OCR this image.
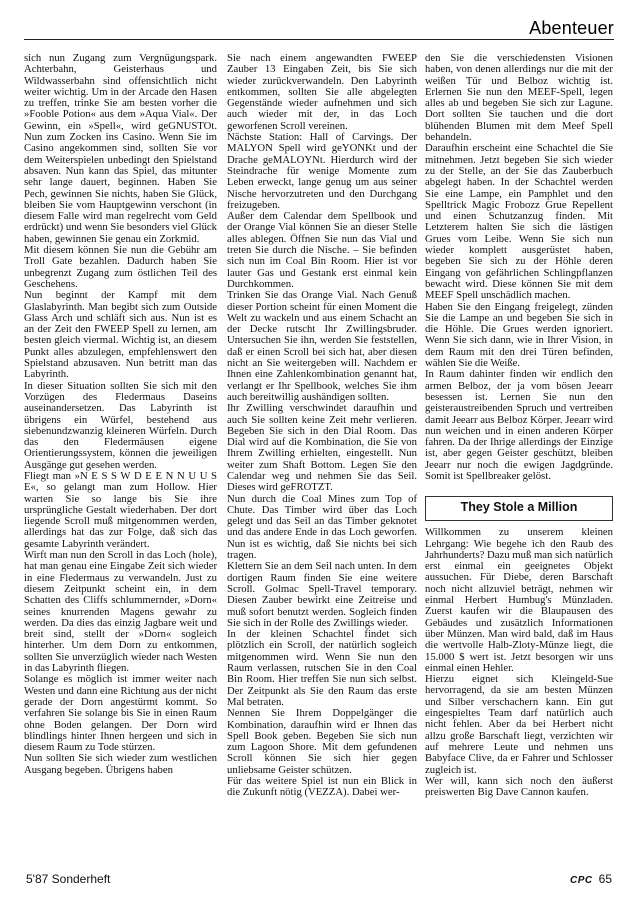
Abenteuer

sich nun Zugang zum Vergnügungspark. Achterbahn, Geisterhaus und Wildwasserbahn sind offensichtlich nicht weiter wichtig. Um in der Arcade den Hasen zu treffen, trinke Sie am besten vorher die »Fooble Potion« aus dem »Aqua Vial«. Der Gewinn, ein »Spell«, wird geGNUSTOt. Nun zum Zocken ins Casino. Wenn Sie im Casino angekommen sind, sollten Sie vor dem Weiterspielen unbedingt den Spielstand absaven. Nun kann das Spiel, das mitunter sehr lange dauert, beginnen. Haben Sie Pech, gewinnen Sie nichts, haben Sie Glück, bleiben Sie vom Hauptgewinn verschont (in diesem Falle wird man regelrecht vom Geld erdrückt) und wenn Sie besonders viel Glück haben, gewinnen Sie genau ein Zorkmid.

Mit diesem können Sie nun die Gebühr am Troll Gate bezahlen. Dadurch haben Sie unbegrenzt Zugang zum östlichen Teil des Geschehens.

Nun beginnt der Kampf mit dem Glaslabyrinth. Man begibt sich zum Outside Glass Arch und schläft sich aus. Nun ist es an der Zeit den FWEEP Spell zu lernen, am besten gleich viermal. Wichtig ist, an diesem Punkt alles abzulegen, empfehlenswert den Spielstand abzusaven. Nun betritt man das Labyrinth.

In dieser Situation sollten Sie sich mit den Vorzügen des Fledermaus Daseins auseinandersetzen. Das Labyrinth ist übrigens ein Würfel, bestehend aus siebenundzwanzig kleineren Würfeln. Durch das den Fledermäusen eigene Orientierungssystem, können die jeweiligen Ausgänge gut gesehen werden.

Fliegt man »N E S S W D E E N N U U S E«, so gelangt man zum Hollow. Hier warten Sie so lange bis Sie ihre ursprüngliche Gestalt wiederhaben. Der dort liegende Scroll muß mitgenommen werden, allerdings hat das zur Folge, daß sich das gesamte Labyrinth verändert.

Wirft man nun den Scroll in das Loch (hole), hat man genau eine Eingabe Zeit sich wieder in eine Fledermaus zu verwandeln. Just zu diesem Zeitpunkt scheint ein, in dem Schatten des Cliffs schlummernder, »Dorn« seines knurrenden Magens gewahr zu werden. Da dies das einzig Jagbare weit und breit sind, stellt der »Dorn« sogleich hinterher. Um dem Dorn zu entkommen, sollten Sie unverzüglich wieder nach Westen in das Labyrinth fliegen.

Solange es möglich ist immer weiter nach Westen und dann eine Richtung aus der nicht gerade der Dorn angestürmt kommt. So verfahren Sie solange bis Sie in einen Raum ohne Boden gelangen. Der Dorn wird blindlings hinter Ihnen hergeen und sich in diesem Raum zu Tode stürzen.

Nun sollten Sie sich wieder zum westlichen Ausgang begeben. Übrigens haben

Sie nach einem angewandten FWEEP Zauber 13 Eingaben Zeit, bis Sie sich wieder zurückverwandeln. Den Labyrinth entkommen, sollten Sie alle abgelegten Gegenstände wieder aufnehmen und sich auch wieder mit der, in das Loch geworfenen Scroll vereinen.

Nächste Station: Hall of Carvings. Der MALYON Spell wird geYONKt und der Drache geMALOYNt. Hierdurch wird der Steindrache für wenige Momente zum Leben erweckt, lange genug um aus seiner Nische hervorzutreten und den Durchgang freizugeben.

Außer dem Calendar dem Spellbook und der Orange Vial können Sie an dieser Stelle alles ablegen. Öffnen Sie nun das Vial und treten Sie durch die Nische. – Sie befinden sich nun im Coal Bin Room. Hier ist vor lauter Gas und Gestank erst einmal kein Durchkommen.

Trinken Sie das Orange Vial. Nach Genuß dieser Portion scheint für einen Moment die Welt zu wackeln und aus einem Schacht an der Decke rutscht Ihr Zwillingsbruder. Untersuchen Sie ihn, werden Sie feststellen, daß er einen Scroll bei sich hat, aber diesen nicht an Sie weitergeben will. Nachdem er Ihnen eine Zahlenkombination genannt hat, verlangt er Ihr Spellbook, welches Sie ihm auch bereitwillig aushändigen sollten.

Ihr Zwilling verschwindet daraufhin und auch Sie sollten keine Zeit mehr verlieren. Begeben Sie sich in den Dial Room. Das Dial wird auf die Kombination, die Sie von Ihrem Zwilling erhielten, eingestellt. Nun weiter zum Shaft Bottom. Legen Sie den Calendar weg und nehmen Sie das Seil. Dieses wird geFROTZT.

Nun durch die Coal Mines zum Top of Chute. Das Timber wird über das Loch gelegt und das Seil an das Timber geknotet und das andere Ende in das Loch geworfen. Nun ist es wichtig, daß Sie nichts bei sich tragen.

Klettern Sie an dem Seil nach unten. In dem dortigen Raum finden Sie eine weitere Scroll. Golmac Spell-Travel temporary. Diesen Zauber bewirkt eine Zeitreise und muß sofort benutzt werden. Sogleich finden Sie sich in der Rolle des Zwillings wieder.

In der kleinen Schachtel findet sich plötzlich ein Scroll, der natürlich sogleich mitgenommen wird. Wenn Sie nun den Raum verlassen, rutschen Sie in den Coal Bin Room. Hier treffen Sie nun sich selbst. Der Zeitpunkt als Sie den Raum das erste Mal betraten.

Nennen Sie Ihrem Doppelgänger die Kombination, daraufhin wird er Ihnen das Spell Book geben. Begeben Sie sich nun zum Lagoon Shore. Mit dem gefundenen Scroll können Sie sich hier gegen unliebsame Geister schützen.

Für das weitere Spiel ist nun ein Blick in die Zukunft nötig (VEZZA). Dabei wer-

den Sie die verschiedensten Visionen haben, von denen allerdings nur die mit der weißen Tür und Belboz wichtig ist. Erlernen Sie nun den MEEF-Spell, legen alles ab und begeben Sie sich zur Lagune. Dort sollten Sie tauchen und die dort blühenden Blumen mit dem Meef Spell behandeln.

Daraufhin erscheint eine Schachtel die Sie mitnehmen. Jetzt begeben Sie sich wieder zu der Stelle, an der Sie das Zauberbuch abgelegt haben. In der Schachtel werden Sie eine Lampe, ein Pamphlet und den Spelltrick Magic Frobozz Grue Repellent und einen Schutzanzug finden. Mit Letzterem halten Sie sich die lästigen Grues vom Leibe. Wenn Sie sich nun wieder komplett ausgerüstet haben, begeben Sie sich zu der Höhle deren Eingang von gefährlichen Schlingpflanzen bewacht wird. Diese können Sie mit dem MEEF Spell unschädlich machen.

Haben Sie den Eingang freigelegt, zünden Sie die Lampe an und begeben Sie sich in die Höhle. Die Grues werden ignoriert. Wenn Sie sich dann, wie in Ihrer Vision, in dem Raum mit den drei Türen befinden, wählen Sie die Weiße.

In Raum dahinter finden wir endlich den armen Belboz, der ja vom bösen Jeearr besessen ist. Lernen Sie nun den geisteraustreibenden Spruch und vertreiben damit Jeearr aus Belboz Körper. Jeearr wird nun weichen und in einen anderen Körper fahren. Da der Ihrige allerdings der Einzige ist, aber gegen Geister geschützt, bleiben Jeearr nur noch die ewigen Jagdgründe. Somit ist Spellbreaker gelöst.

They Stole a Million

Willkommen zu unserem kleinen Lehrgang: Wie begehe ich den Raub des Jahrhunderts? Dazu muß man sich natürlich erst einmal ein geeignetes Objekt aussuchen. Für Diebe, deren Barschaft noch nicht allzuviel beträgt, nehmen wir einmal Herbert Humbug's Münzladen. Zuerst kaufen wir die Blaupausen des Gebäudes und zusätzlich Informationen über Münzen. Man wird bald, daß im Haus die wertvolle Halb-Zloty-Münze liegt, die 15.000 $ wert ist. Jetzt besorgen wir uns einmal einen Hehler.

Hierzu eignet sich Kleingeld-Sue hervorragend, da sie am besten Münzen und Silber verschachern kann. Ein gut eingespieltes Team darf natürlich auch nicht fehlen. Aber da bei Herbert nicht allzu große Barschaft liegt, verzichten wir auf mehrere Leute und nehmen uns Babyface Clive, da er Fahrer und Schlosser zugleich ist.

Wer will, kann sich noch den äußerst preiswerten Big Dave Cannon kaufen.

5'87 Sonderheft	CPC 65
